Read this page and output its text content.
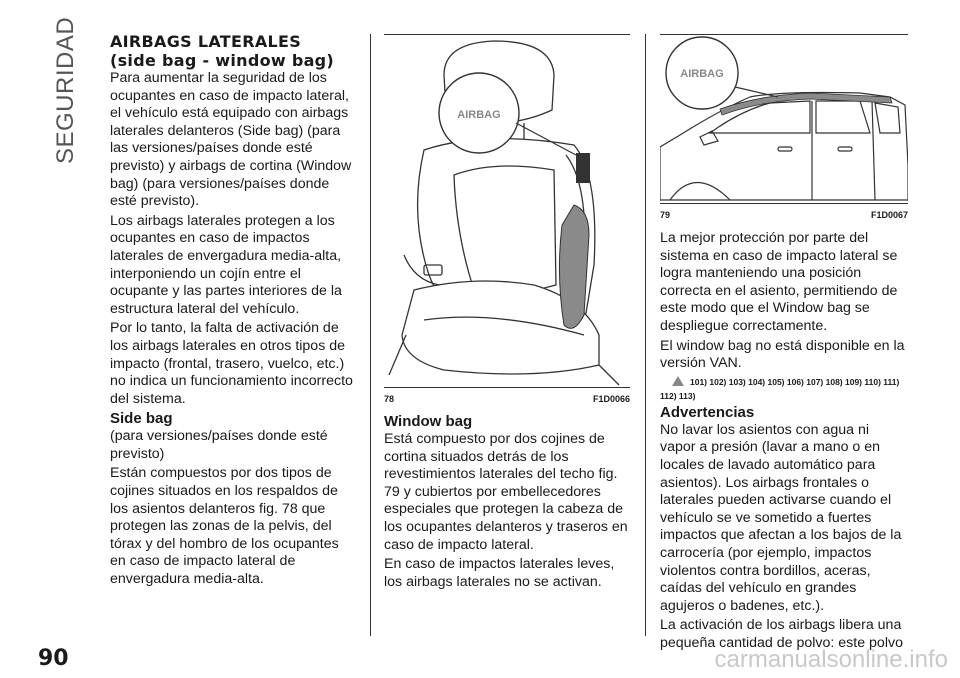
SEGURIDAD AIRBAGS LATERALES
(side bag - window bag)

Para aumentar la seguridad de los ocupantes en caso de impacto lateral, el vehículo está equipado con airbags laterales delanteros (Side bag) (para las versiones/países donde esté previsto) y airbags de cortina (Window bag) (para versiones/países donde esté previsto).

Los airbags laterales protegen a los ocupantes en caso de impactos laterales de envergadura media-alta, interponiendo un cojín entre el ocupante y las partes interiores de la estructura lateral del vehículo.

Por lo tanto, la falta de activación de los airbags laterales en otros tipos de impacto (frontal, trasero, vuelco, etc.) no indica un funcionamiento incorrecto del sistema.

Side bag

(para versiones/países donde esté previsto)

Están compuestos por dos tipos de cojines situados en los respaldos de los asientos delanteros fig. 78 que protegen las zonas de la pelvis, del tórax y del hombro de los ocupantes en caso de impacto lateral de envergadura media-alta.

AIRBAG
78	F1D0066
AIRBAG
79	F1D0067
Window bag

Está compuesto por dos cojines de cortina situados detrás de los revestimientos laterales del techo fig. 79 y cubiertos por embellecedores especiales que protegen la cabeza de los ocupantes delanteros y traseros en caso de impacto lateral.

En caso de impactos laterales leves, los airbags laterales no se activan.

La mejor protección por parte del sistema en caso de impacto lateral se logra manteniendo una posición correcta en el asiento, permitiendo de este modo que el Window bag se despliegue correctamente.

El window bag no está disponible en la versión VAN.

101) 102) 103) 104) 105) 106) 107) 108) 109) 110) 111)
112) 113)
Advertencias

No lavar los asientos con agua ni vapor a presión (lavar a mano o en locales de lavado automático para asientos). Los airbags frontales o laterales pueden activarse cuando el vehículo se ve sometido a fuertes impactos que afectan a los bajos de la carrocería (por ejemplo, impactos violentos contra bordillos, aceras, caídas del vehículo en grandes agujeros o badenes, etc.).

La activación de los airbags libera una pequeña cantidad de polvo: este polvo

90	carmanualsonline.info
